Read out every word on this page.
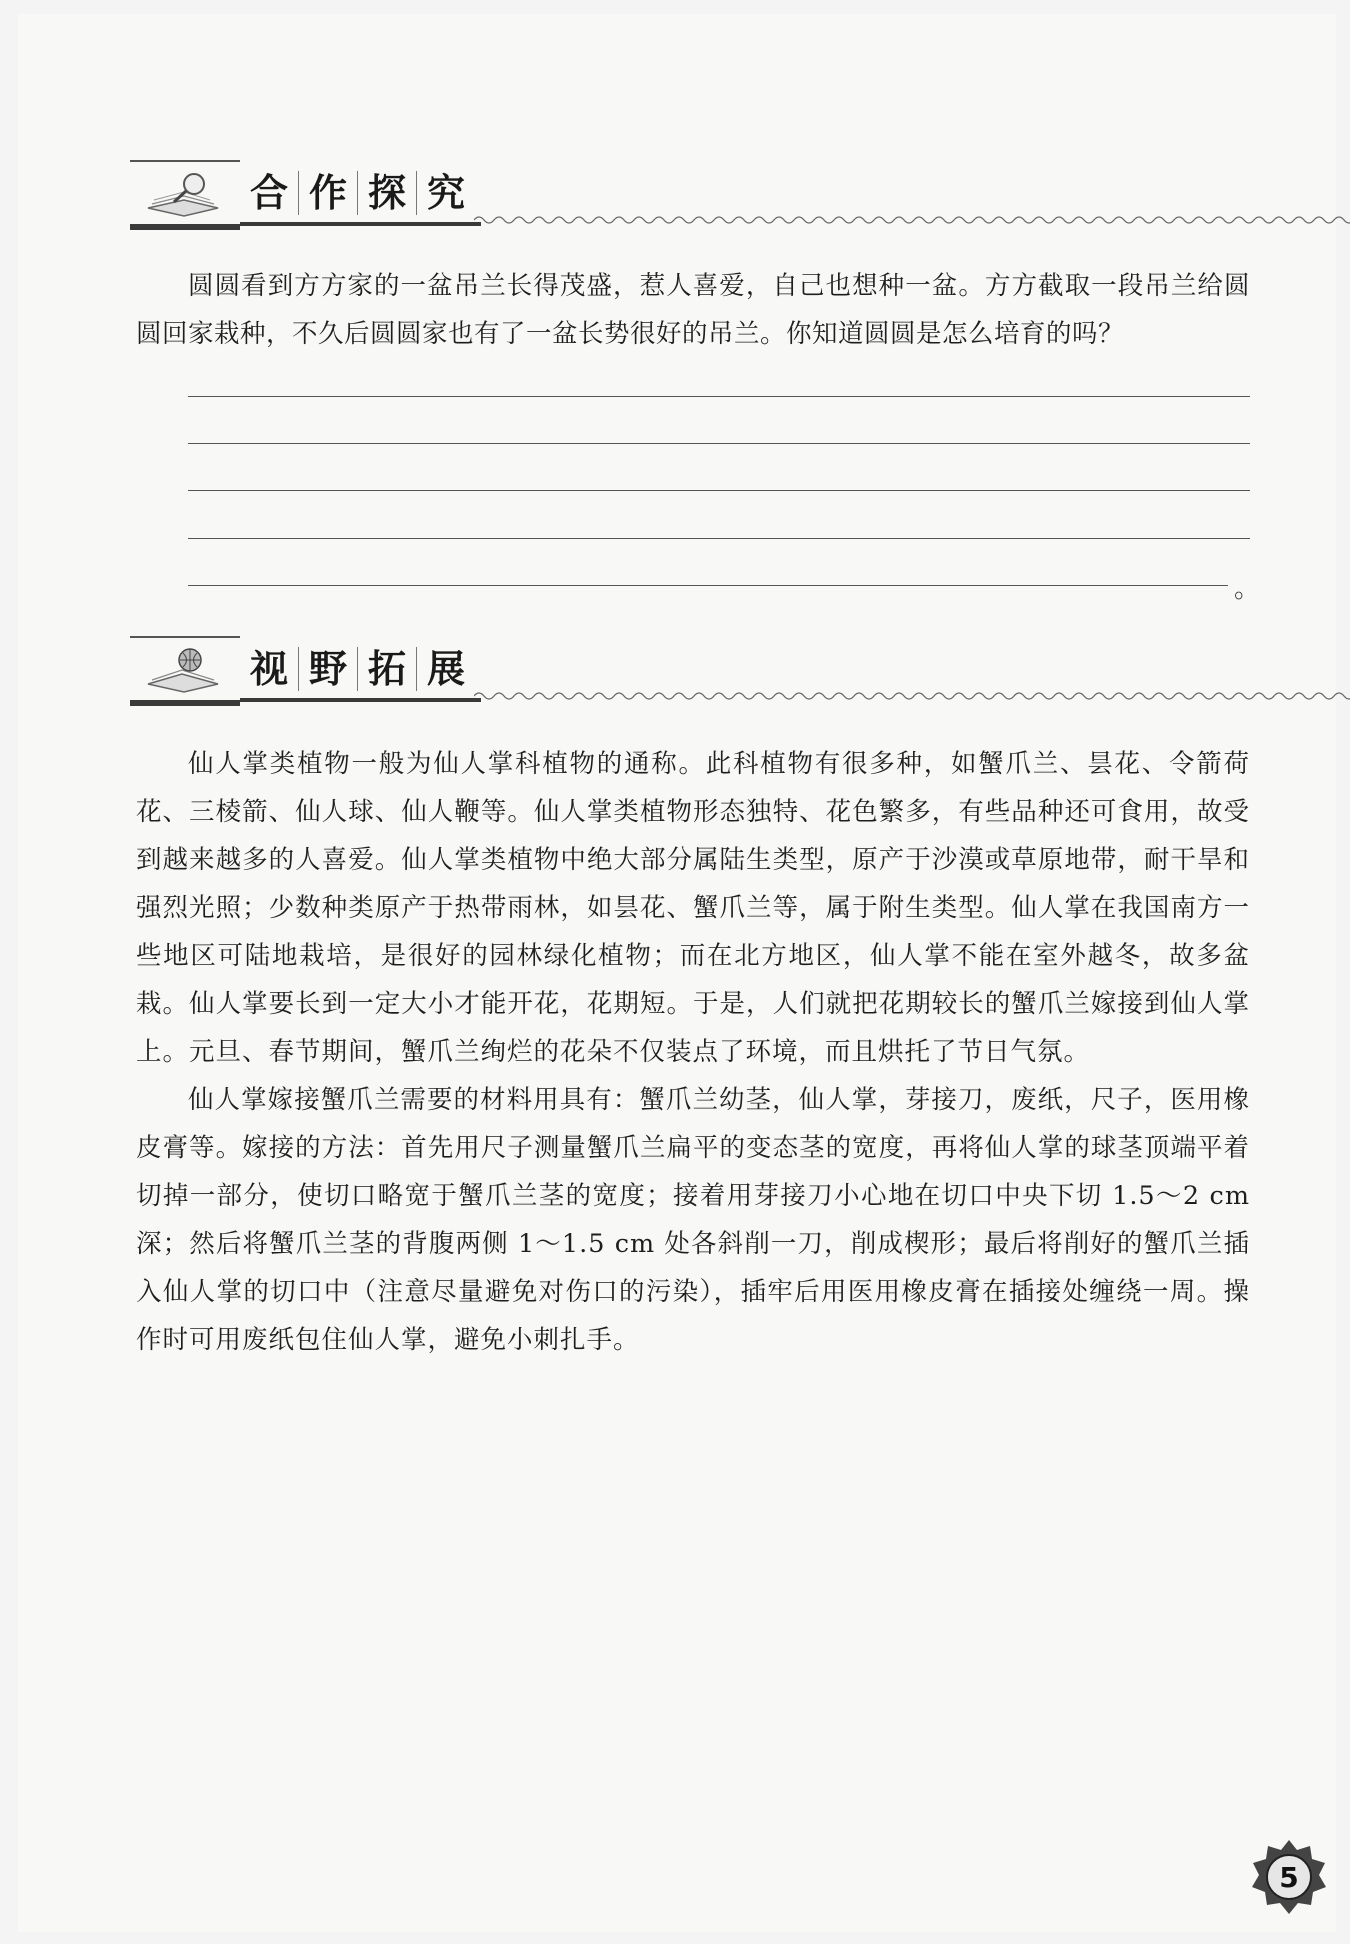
合 作 探 究

圆圆看到方方家的一盆吊兰长得茂盛，惹人喜爱，自己也想种一盆。方方截取一段吊兰给圆圆回家栽种，不久后圆圆家也有了一盆长势很好的吊兰。你知道圆圆是怎么培育的吗？

。
视 野 拓 展

仙人掌类植物一般为仙人掌科植物的通称。此科植物有很多种，如蟹爪兰、昙花、令箭荷花、三棱箭、仙人球、仙人鞭等。仙人掌类植物形态独特、花色繁多，有些品种还可食用，故受到越来越多的人喜爱。仙人掌类植物中绝大部分属陆生类型，原产于沙漠或草原地带，耐干旱和强烈光照；少数种类原产于热带雨林，如昙花、蟹爪兰等，属于附生类型。仙人掌在我国南方一些地区可陆地栽培，是很好的园林绿化植物；而在北方地区，仙人掌不能在室外越冬，故多盆栽。仙人掌要长到一定大小才能开花，花期短。于是，人们就把花期较长的蟹爪兰嫁接到仙人掌上。元旦、春节期间，蟹爪兰绚烂的花朵不仅装点了环境，而且烘托了节日气氛。

仙人掌嫁接蟹爪兰需要的材料用具有：蟹爪兰幼茎，仙人掌，芽接刀，废纸，尺子，医用橡皮膏等。嫁接的方法：首先用尺子测量蟹爪兰扁平的变态茎的宽度，再将仙人掌的球茎顶端平着切掉一部分，使切口略宽于蟹爪兰茎的宽度；接着用芽接刀小心地在切口中央下切 1.5～2 cm深；然后将蟹爪兰茎的背腹两侧 1～1.5 cm 处各斜削一刀，削成楔形；最后将削好的蟹爪兰插入仙人掌的切口中（注意尽量避免对伤口的污染），插牢后用医用橡皮膏在插接处缠绕一周。操作时可用废纸包住仙人掌，避免小刺扎手。

5
